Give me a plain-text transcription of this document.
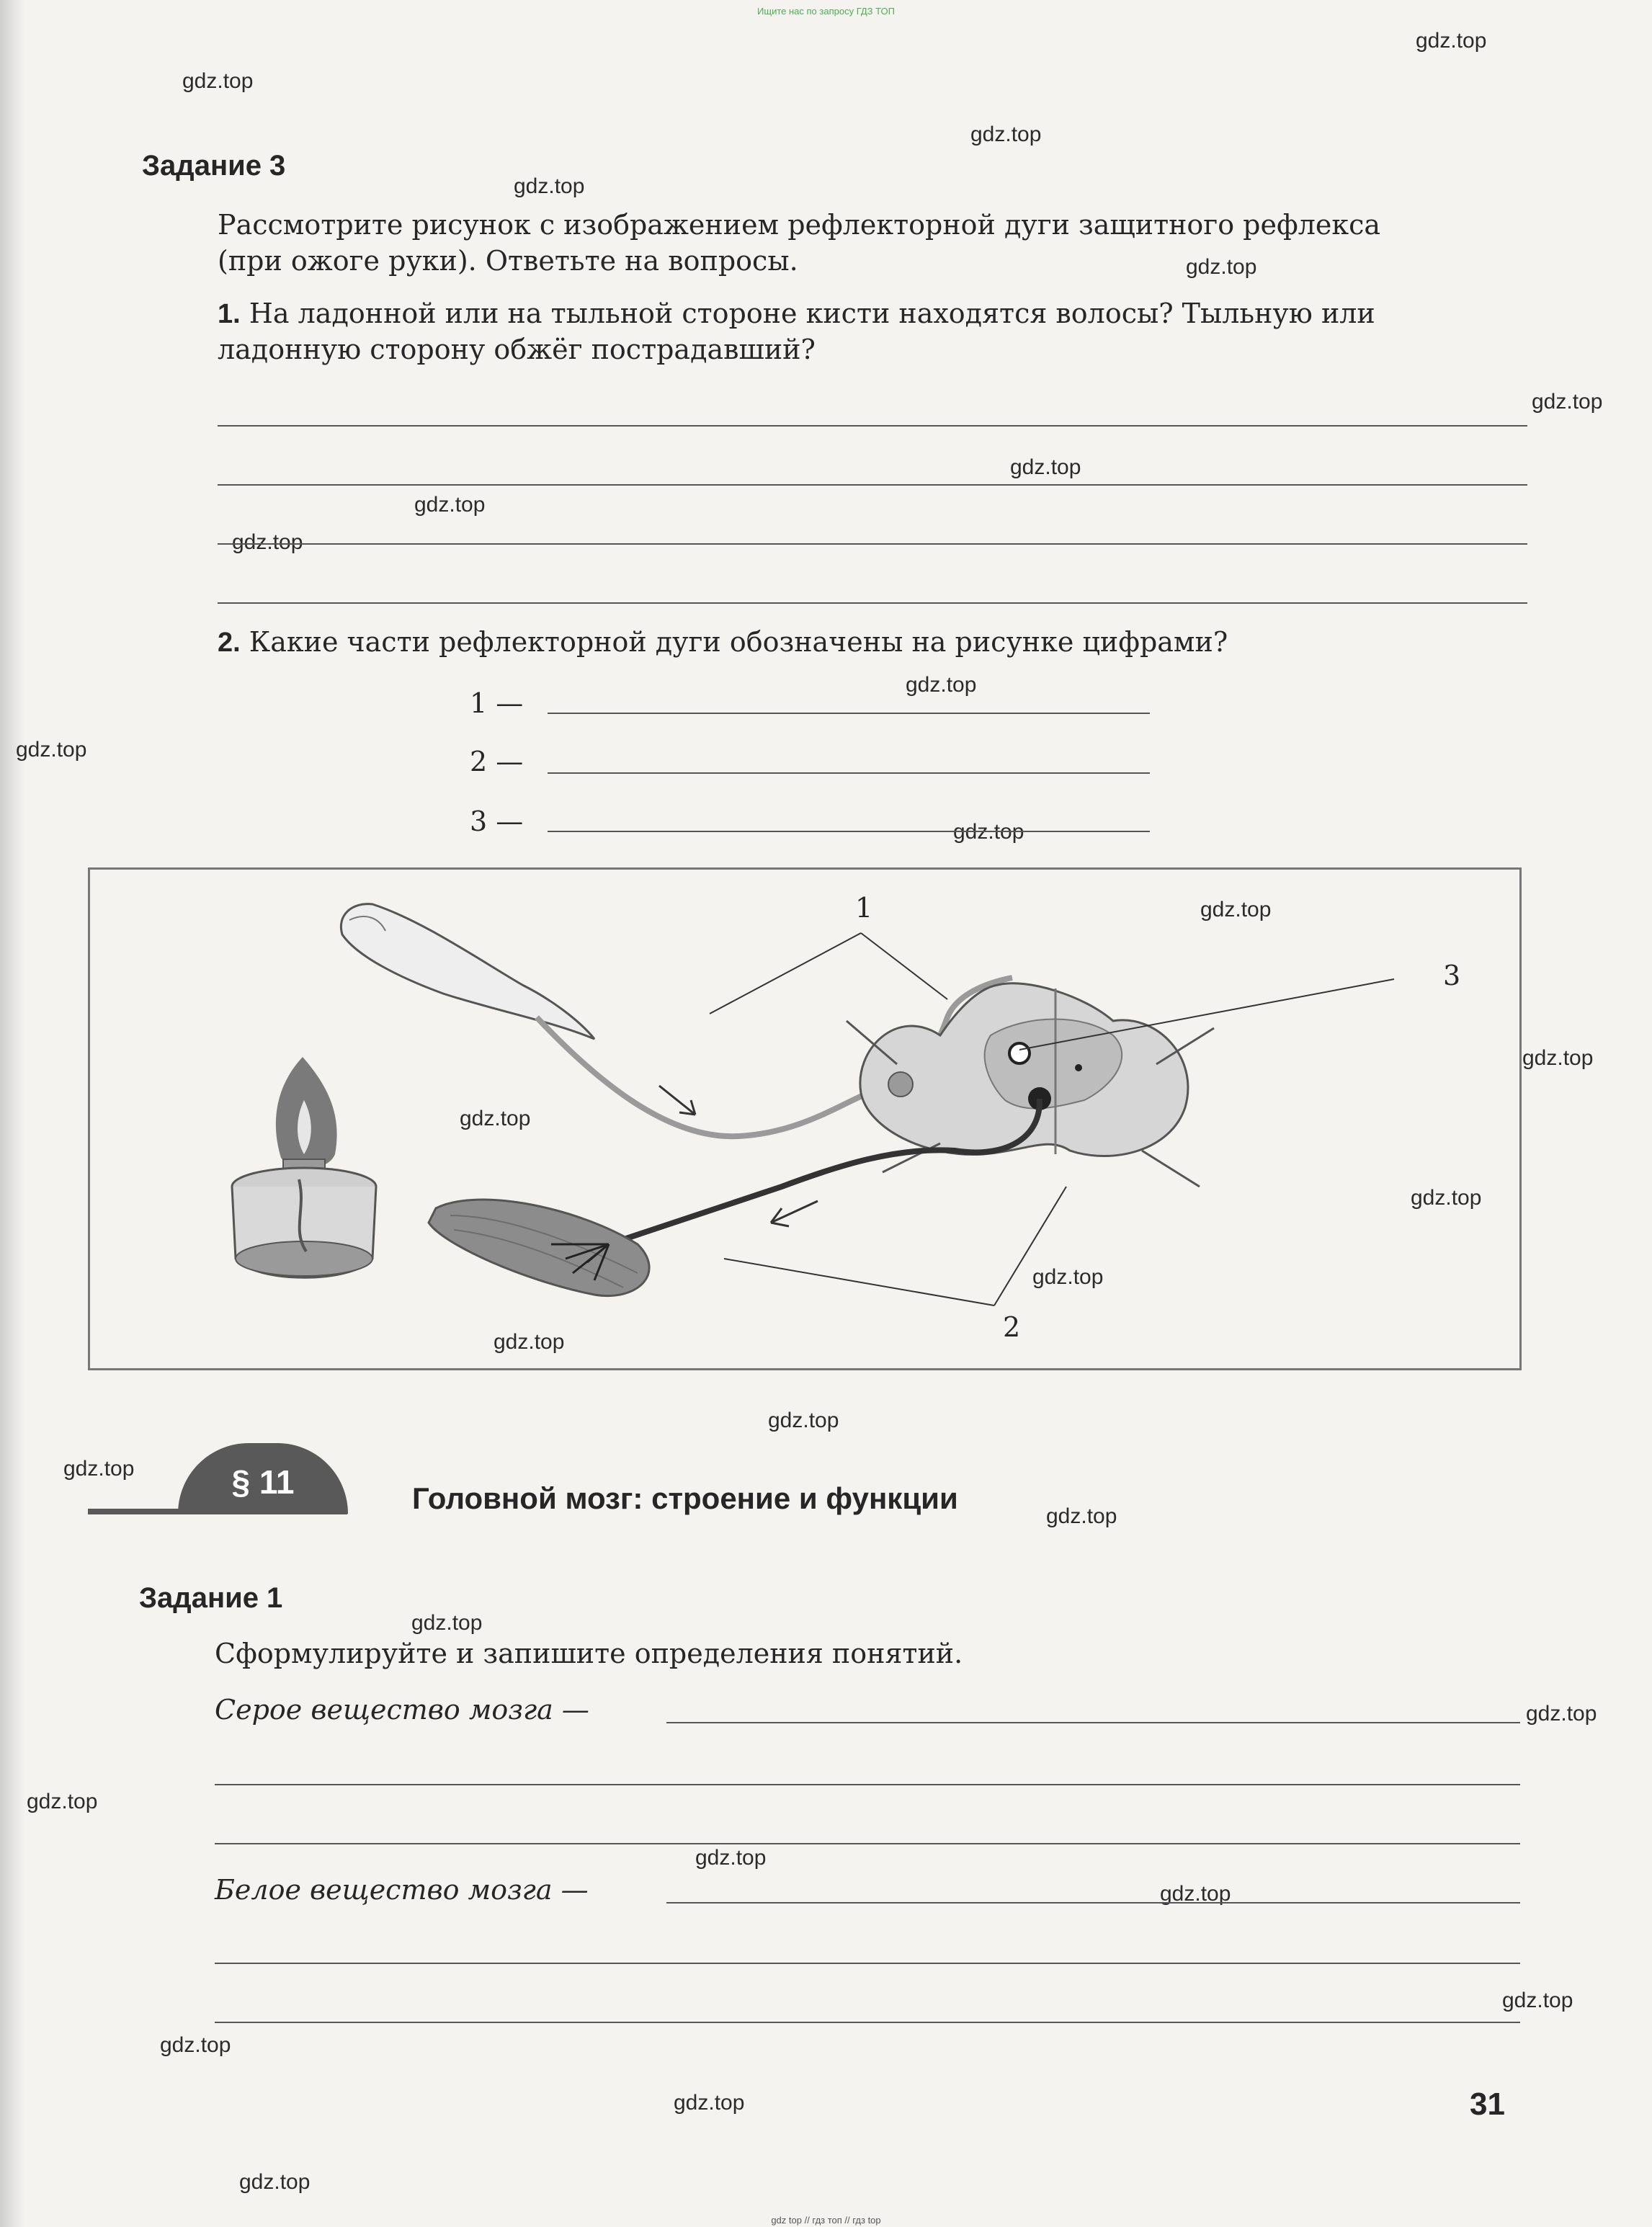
Ищите нас по запросу ГДЗ ТОП
gdz.top
gdz.top
gdz.top
gdz.top
gdz.top
gdz.top
gdz.top
gdz.top
gdz.top
gdz.top
gdz.top
gdz.top
gdz.top
gdz.top
gdz.top
gdz.top
gdz.top
gdz.top
gdz.top
gdz.top
gdz.top
gdz.top
gdz.top
gdz.top
gdz.top
gdz.top
gdz.top
gdz.top
gdz.top
gdz.top
Задание 3
Рассмотрите рисунок с изображением рефлекторной дуги защитного рефлекса
(при ожоге руки). Ответьте на вопросы.
1. На ладонной или на тыльной стороне кисти находятся волосы? Тыльную или
ладонную сторону обжёг пострадавший?
2. Какие части рефлекторной дуги обозначены на рисунке цифрами?
1 —
2 —
3 —
1
3
2
§ 11	Головной мозг: строение и функции
Задание 1
Сформулируйте и запишите определения понятий.
Серое вещество мозга —
Белое вещество мозга —
31
gdz top // гдз топ // гдз top
